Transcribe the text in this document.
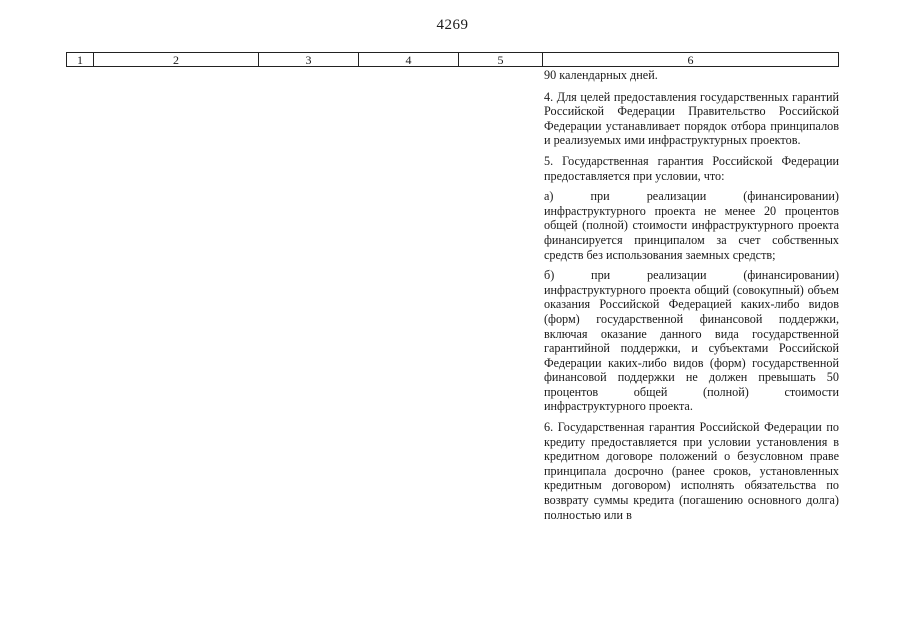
4269
1	2	3	4	5	6

90 календарных дней.

4. Для целей предоставления государственных гарантий Российской Федерации Правительство Российской Федерации устанавливает порядок отбора принципалов и реализуемых ими инфраструктурных проектов.

5. Государственная гарантия Российской Федерации предоставляется при условии, что:

а) при реализации (финансировании) инфраструктурного проекта не менее 20 процентов общей (полной) стоимости инфраструктурного проекта финансируется принципалом за счет собственных средств без использования заемных средств;

б) при реализации (финансировании) инфраструктурного проекта общий (совокупный) объем оказания Российской Федерацией каких-либо видов (форм) государственной финансовой поддержки, включая оказание данного вида государственной гарантийной поддержки, и субъектами Российской Федерации каких-либо видов (форм) государственной финансовой поддержки не должен превышать 50 процентов общей (полной) стоимости инфраструктурного проекта.

6. Государственная гарантия Российской Федерации по кредиту предоставляется при условии установления в кредитном договоре положений о безусловном праве принципала досрочно (ранее сроков, установленных кредитным договором) исполнять обязательства по возврату суммы кредита (погашению основного долга) полностью или в
